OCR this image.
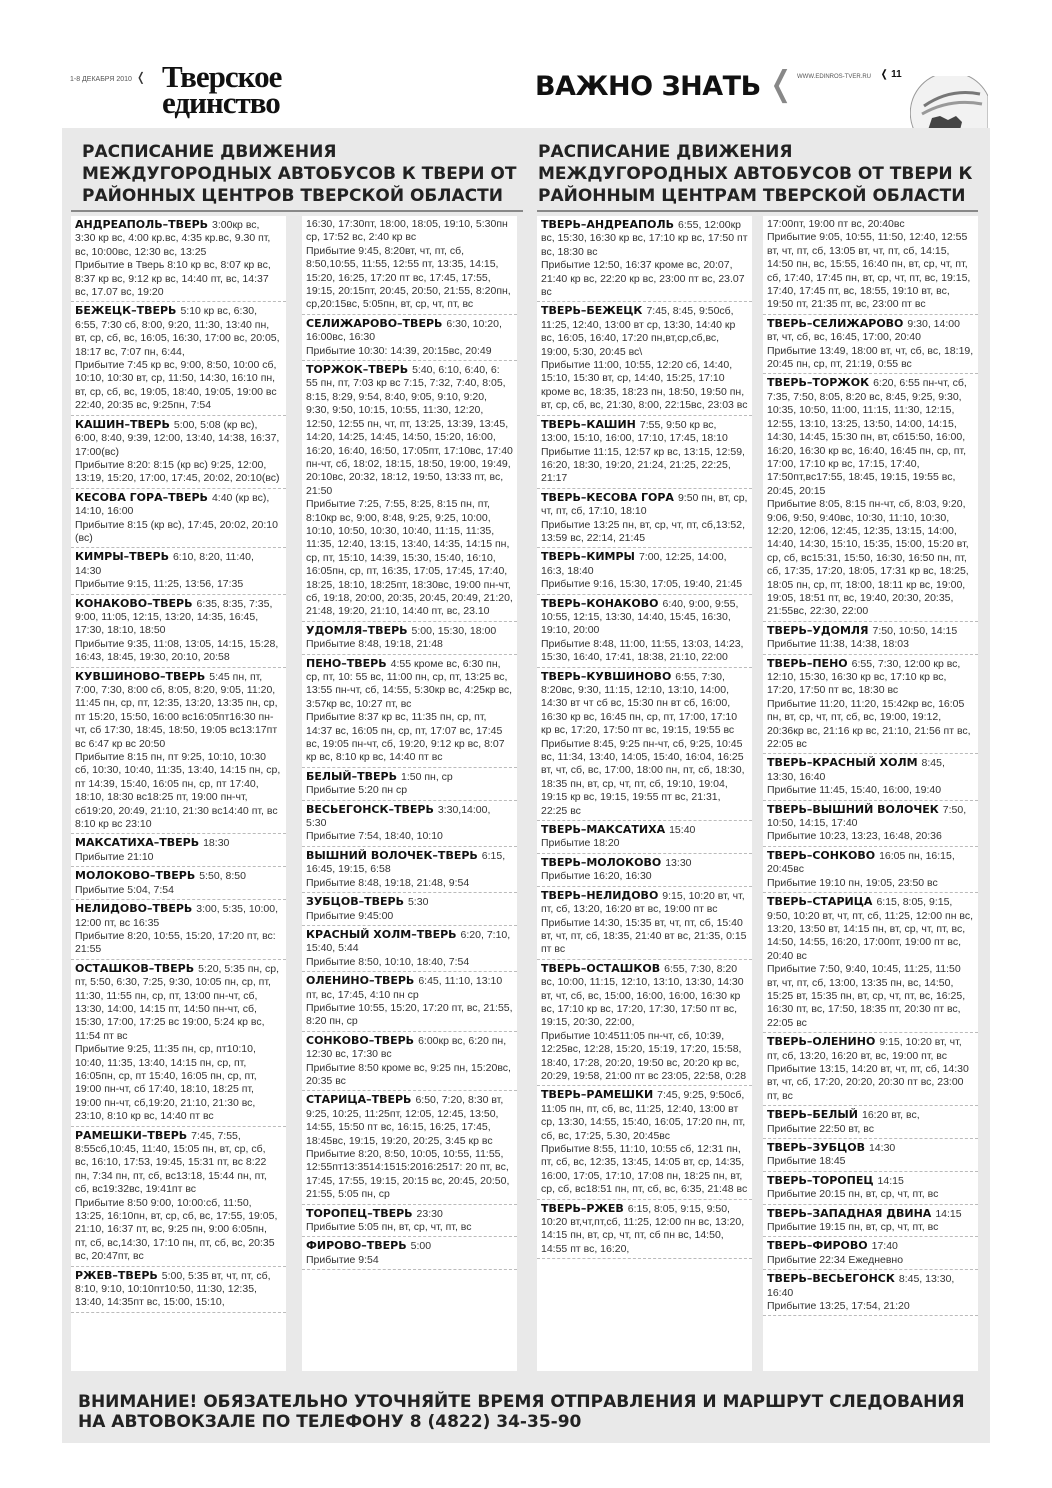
1-8 ДЕКАБРЯ 2010 ❬ Тверское
единство	ВАЖНО ЗНАТЬ ❬ WWW.EDINROS-TVER.RU ❬ 11
РАСПИСАНИЕ ДВИЖЕНИЯ МЕЖДУГОРОДНЫХ АВТОБУСОВ К ТВЕРИ ОТ РАЙОННЫХ ЦЕНТРОВ ТВЕРСКОЙ ОБЛАСТИ
РАСПИСАНИЕ ДВИЖЕНИЯ МЕЖДУГОРОДНЫХ АВТОБУСОВ ОТ ТВЕРИ К РАЙОННЫМ ЦЕНТРАМ ТВЕРСКОЙ ОБЛАСТИ
АНДРЕАПОЛЬ–ТВЕРЬ 3:00кр вс, 3:30 кр вс, 4:00 кр.вс, 4:35 кр.вс, 9.30 пт, вс, 10:00вс, 12:30 вс, 13:25
Прибытие в Тверь 8:10 кр вс, 8:07 кр вс, 8:37 кр вс, 9:12 кр вс, 14:40 пт, вс, 14:37 вс, 17.07 вс, 19:20
БЕЖЕЦК–ТВЕРЬ 5:10 кр вс, 6:30, 6:55, 7:30 сб, 8:00, 9:20, 11:30, 13:40 пн, вт, ср, сб, вс, 16:05, 16:30, 17:00 вс, 20:05, 18:17 вс, 7:07 пн, 6:44,
Прибытие 7:45 кр вс, 9:00, 8:50, 10:00 сб, 10:10, 10:30 вт, ср, 11:50, 14:30, 16:10 пн, вт, ср, сб, вс, 19:05, 18:40, 19:05, 19:00 вс 22:40, 20:35 вс, 9:25пн, 7:54
КАШИН–ТВЕРЬ 5:00, 5:08 (кр вс), 6:00, 8:40, 9:39, 12:00, 13:40, 14:38, 16:37, 17:00(вс)
Прибытие 8:20: 8:15 (кр вс) 9:25, 12:00, 13:19, 15:20, 17:00, 17:45, 20:02, 20:10(вс)
КЕСОВА ГОРА–ТВЕРЬ 4:40 (кр вс), 14:10, 16:00
Прибытие 8:15 (кр вс), 17:45, 20:02, 20:10 (вс)
КИМРЫ–ТВЕРЬ 6:10, 8:20, 11:40, 14:30
Прибытие 9:15, 11:25, 13:56, 17:35
КОНАКОВО–ТВЕРЬ 6:35, 8:35, 7:35, 9:00, 11:05, 12:15, 13:20, 14:35, 16:45, 17:30, 18:10, 18:50
Прибытие 9:35, 11:08, 13:05, 14:15, 15:28, 16:43, 18:45, 19:30, 20:10, 20:58
КУВШИНОВО–ТВЕРЬ 5:45 пн, пт, 7:00, 7:30, 8:00 сб, 8:05, 8:20, 9:05, 11:20, 11:45 пн, ср, пт, 12:35, 13:20, 13:35 пн, ср, пт 15:20, 15:50, 16:00 вс16:05пт16:30 пн-чт, сб 17:30, 18:45, 18:50, 19:05 вс13:17пт вс 6:47 кр вс 20:50
Прибытие 8:15 пн, пт 9:25, 10:10, 10:30 сб, 10:30, 10:40, 11:35, 13:40, 14:15 пн, ср, пт 14:39, 15:40, 16:05 пн, ср, пт 17:40, 18:10, 18:30 вс18:25 пт, 19:00 пн-чт, сб19:20, 20:49, 21:10, 21:30 вс14:40 пт, вс 8:10 кр вс 23:10
МАКСАТИХА–ТВЕРЬ 18:30
Прибытие 21:10
МОЛОКОВО–ТВЕРЬ 5:50, 8:50
Прибытие 5:04, 7:54
НЕЛИДОВО–ТВЕРЬ 3:00, 5:35, 10:00, 12:00 пт, вс 16:35
Прибытие 8:20, 10:55, 15:20, 17:20 пт, вс: 21:55
ОСТАШКОВ–ТВЕРЬ 5:20, 5:35 пн, ср, пт, 5:50, 6:30, 7:25, 9:30, 10:05 пн, ср, пт, 11:30, 11:55 пн, ср, пт, 13:00 пн-чт, сб, 13:30, 14:00, 14:15 пт, 14:50 пн-чт, сб, 15:30, 17:00, 17:25 вс 19:00, 5:24 кр вс, 11:54 пт вс
Прибытие 9:25, 11:35 пн, ср, пт10:10, 10:40, 11:35, 13:40, 14:15 пн, ср, пт, 16:05пн, ср, пт 15:40, 16:05 пн, ср, пт, 19:00 пн-чт, сб 17:40, 18:10, 18:25 пт, 19:00 пн-чт, сб,19:20, 21:10, 21:30 вс, 23:10, 8:10 кр вс, 14:40 пт вс
РАМЕШКИ–ТВЕРЬ 7:45, 7:55, 8:55сб,10:45, 11:40, 15:05 пн, вт, ср, сб, вс, 16:10, 17:53, 19:45, 15:31 пт, вс 8:22 пн, 7:34 пн, пт, сб, вс13:18, 15:44 пн, пт, сб, вс19:32вс, 19:41пт вс
Прибытие 8:50 9:00, 10:00:сб, 11:50, 13:25, 16:10пн, вт, ср, сб, вс, 17:55, 19:05, 21:10, 16:37 пт, вс, 9:25 пн, 9:00 6:05пн, пт, сб, вс,14:30, 17:10 пн, пт, сб, вс, 20:35 вс, 20:47пт, вс
РЖЕВ–ТВЕРЬ 5:00, 5:35 вт, чт, пт, сб, 8:10, 9:10, 10:10пт10:50, 11:30, 12:35, 13:40, 14:35пт вс, 15:00, 15:10,
16:30, 17:30пт, 18:00, 18:05, 19:10, 5:30пн ср, 17:52 вс, 2:40 кр вс
Прибытие 9:45, 8:20вт, чт, пт, сб, 8:50,10:55, 11:55, 12:55 пт, 13:35, 14:15, 15:20, 16:25, 17:20 пт вс, 17:45, 17:55, 19:15, 20:15пт, 20:45, 20:50, 21:55, 8:20пн, ср,20:15вс, 5:05пн, вт, ср, чт, пт, вс
СЕЛИЖАРОВО–ТВЕРЬ 6:30, 10:20, 16:00вс, 16:30
Прибытие 10:30: 14:39, 20:15вс, 20:49
ТОРЖОК–ТВЕРЬ 5:40, 6:10, 6:40, 6: 55 пн, пт, 7:03 кр вс 7:15, 7:32, 7:40, 8:05, 8:15, 8:29, 9:54, 8:40, 9:05, 9:10, 9:20, 9:30, 9:50, 10:15, 10:55, 11:30, 12:20, 12:50, 12:55 пн, чт, пт, 13:25, 13:39, 13:45, 14:20, 14:25, 14:45, 14:50, 15:20, 16:00, 16:20, 16:40, 16:50, 17:05пт, 17:10вс, 17:40 пн-чт, сб, 18:02, 18:15, 18:50, 19:00, 19:49, 20:10вс, 20:32, 18:12, 19:50, 13:33 пт, вс, 21:50
Прибытие 7:25, 7:55, 8:25, 8:15 пн, пт, 8:10кр вс, 9:00, 8:48, 9:25, 9:25, 10:00, 10:10, 10:50, 10:30, 10:40, 11:15, 11:35, 11:35, 12:40, 13:15, 13:40, 14:35, 14:15 пн, ср, пт, 15:10, 14:39, 15:30, 15:40, 16:10, 16:05пн, ср, пт, 16:35, 17:05, 17:45, 17:40, 18:25, 18:10, 18:25пт, 18:30вс, 19:00 пн-чт, сб, 19:18, 20:00, 20:35, 20:45, 20:49, 21:20, 21:48, 19:20, 21:10, 14:40 пт, вс, 23.10
УДОМЛЯ–ТВЕРЬ 5:00, 15:30, 18:00
Прибытие 8:48, 19:18, 21:48
ПЕНО–ТВЕРЬ 4:55 кроме вс, 6:30 пн, ср, пт, 10: 55 вс, 11:00 пн, ср, пт, 13:25 вс, 13:55 пн-чт, сб, 14:55, 5:30кр вс, 4:25кр вс, 3:57кр вс, 10:27 пт, вс
Прибытие 8:37 кр вс, 11:35 пн, ср, пт, 14:37 вс, 16:05 пн, ср, пт, 17:07 вс, 17:45 вс, 19:05 пн-чт, сб, 19:20, 9:12 кр вс, 8:07 кр вс, 8:10 кр вс, 14:40 пт вс
БЕЛЫЙ–ТВЕРЬ 1:50 пн, ср
Прибытие 5:20 пн ср
ВЕСЬЕГОНСК–ТВЕРЬ 3:30,14:00, 5:30
Прибытие 7:54, 18:40, 10:10
ВЫШНИЙ ВОЛОЧЕК–ТВЕРЬ 6:15, 16:45, 19:15, 6:58
Прибытие 8:48, 19:18, 21:48, 9:54
ЗУБЦОВ–ТВЕРЬ 5:30
Прибытие 9:45:00
КРАСНЫЙ ХОЛМ–ТВЕРЬ 6:20, 7:10, 15:40, 5:44
Прибытие 8:50, 10:10, 18:40, 7:54
ОЛЕНИНО–ТВЕРЬ 6:45, 11:10, 13:10 пт, вс, 17:45, 4:10 пн ср
Прибытие 10:55, 15:20, 17:20 пт, вс, 21:55, 8:20 пн, ср
СОНКОВО–ТВЕРЬ 6:00кр вс, 6:20 пн, 12:30 вс, 17:30 вс
Прибытие 8:50 кроме вс, 9:25 пн, 15:20вс, 20:35 вс
СТАРИЦА–ТВЕРЬ 6:50, 7:20, 8:30 вт, 9:25, 10:25, 11:25пт, 12:05, 12:45, 13:50, 14:55, 15:50 пт вс, 16:15, 16:25, 17:45, 18:45вс, 19:15, 19:20, 20:25, 3:45 кр вс
Прибытие 8:20, 8:50, 10:05, 10:55, 11:55, 12:55пт13:3514:1515:2016:2517: 20 пт, вс, 17:45, 17:55, 19:15, 20:15 вс, 20:45, 20:50, 21:55, 5:05 пн, ср
ТОРОПЕЦ–ТВЕРЬ 23:30
Прибытие 5:05 пн, вт, ср, чт, пт, вс
ФИРОВО–ТВЕРЬ 5:00
Прибытие 9:54
ТВЕРЬ–АНДРЕАПОЛЬ 6:55, 12:00кр вс, 15:30, 16:30 кр вс, 17:10 кр вс, 17:50 пт вс, 18:30 вс
Прибытие 12:50, 16:37 кроме вс, 20:07, 21:40 кр вс, 22:20 кр вс, 23:00 пт вс, 23.07 вс
ТВЕРЬ–БЕЖЕЦК 7:45, 8:45, 9:50сб, 11:25, 12:40, 13:00 вт ср, 13:30, 14:40 кр вс, 16:05, 16:40, 17:20 пн,вт,ср,сб,вс, 19:00, 5:30, 20:45 вс\
Прибытие 11:00, 10:55, 12:20 сб, 14:40, 15:10, 15:30 вт, ср, 14:40, 15:25, 17:10 кроме вс, 18:35, 18:23 пн, 18:50, 19:50 пн, вт, ср, сб, вс, 21:30, 8:00, 22:15вс, 23:03 вс
ТВЕРЬ–КАШИН 7:55, 9:50 кр вс, 13:00, 15:10, 16:00, 17:10, 17:45, 18:10
Прибытие 11:15, 12:57 кр вс, 13:15, 12:59, 16:20, 18:30, 19:20, 21:24, 21:25, 22:25, 21:17
ТВЕРЬ–КЕСОВА ГОРА 9:50 пн, вт, ср, чт, пт, сб, 17:10, 18:10
Прибытие 13:25 пн, вт, ср, чт, пт, сб,13:52, 13:59 вс, 22:14, 21:45
ТВЕРЬ–КИМРЫ 7:00, 12:25, 14:00, 16:3, 18:40
Прибытие 9:16, 15:30, 17:05, 19:40, 21:45
ТВЕРЬ–КОНАКОВО 6:40, 9:00, 9:55, 10:55, 12:15, 13:30, 14:40, 15:45, 16:30, 19:10, 20:00
Прибытие 8:48, 11:00, 11:55, 13:03, 14:23, 15:30, 16:40, 17:41, 18:38, 21:10, 22:00
ТВЕРЬ–КУВШИНОВО 6:55, 7:30, 8:20вс, 9:30, 11:15, 12:10, 13:10, 14:00, 14:30 вт чт сб вс, 15:30 пн вт сб, 16:00, 16:30 кр вс, 16:45 пн, ср, пт, 17:00, 17:10 кр вс, 17:20, 17:50 пт вс, 19:15, 19:55 вс
Прибытие 8:45, 9:25 пн-чт, сб, 9:25, 10:45 вс, 11:34, 13:40, 14:05, 15:40, 16:04, 16:25 вт, чт, сб, вс, 17:00, 18:00 пн, пт, сб, 18:30, 18:35 пн, вт, ср, чт, пт, сб, 19:10, 19:04, 19:15 кр вс, 19:15, 19:55 пт вс, 21:31, 22:25 вс
ТВЕРЬ–МАКСАТИХА 15:40
Прибытие 18:20
ТВЕРЬ–МОЛОКОВО 13:30
Прибытие 16:20, 16:30
ТВЕРЬ–НЕЛИДОВО 9:15, 10:20 вт, чт, пт, сб, 13:20, 16:20 вт вс, 19:00 пт вс
Прибытие 14:30, 15:35 вт, чт, пт, сб, 15:40 вт, чт, пт, сб, 18:35, 21:40 вт вс, 21:35, 0:15 пт вс
ТВЕРЬ–ОСТАШКОВ 6:55, 7:30, 8:20 вс, 10:00, 11:15, 12:10, 13:10, 13:30, 14:30 вт, чт, сб, вс, 15:00, 16:00, 16:00, 16:30 кр вс, 17:10 кр вс, 17:20, 17:30, 17:50 пт вс, 19:15, 20:30, 22:00,
Прибытие 10:4511:05 пн-чт, сб, 10:39, 12:25вс, 12:28, 15:20, 15:19, 17:20, 15:58, 18:40, 17:28, 20:20, 19:50 вс, 20:20 кр вс, 20:29, 19:58, 21:00 пт вс 23:05, 22:58, 0:28
ТВЕРЬ–РАМЕШКИ 7:45, 9:25, 9:50сб, 11:05 пн, пт, сб, вс, 11:25, 12:40, 13:00 вт ср, 13:30, 14:55, 15:40, 16:05, 17:20 пн, пт, сб, вс, 17:25, 5.30, 20:45вс
Прибытие 8:55, 11:10, 10:55 сб, 12:31 пн, пт, сб, вс, 12:35, 13:45, 14:05 вт, ср, 14:35, 16:00, 17:05, 17:10, 17:08 пн, 18:25 пн, вт, ср, сб, вс18:51 пн, пт, сб, вс, 6:35, 21:48 вс
ТВЕРЬ–РЖЕВ 6:15, 8:05, 9:15, 9:50, 10:20 вт,чт,пт,сб, 11:25, 12:00 пн вс, 13:20, 14:15 пн, вт, ср, чт, пт, сб пн вс, 14:50, 14:55 пт вс, 16:20,
17:00пт, 19:00 пт вс, 20:40вс
Прибытие 9:05, 10:55, 11:50, 12:40, 12:55 вт, чт, пт, сб, 13:05 вт, чт, пт, сб, 14:15, 14:50 пн, вс, 15:55, 16:40 пн, вт, ср, чт, пт, сб, 17:40, 17:45 пн, вт, ср, чт, пт, вс, 19:15, 17:40, 17:45 пт, вс, 18:55, 19:10 вт, вс, 19:50 пт, 21:35 пт, вс, 23:00 пт вс
ТВЕРЬ–СЕЛИЖАРОВО 9:30, 14:00 вт, чт, сб, вс, 16:45, 17:00, 20:40
Прибытие 13:49, 18:00 вт, чт, сб, вс, 18:19, 20:45 пн, ср, пт, 21:19, 0:55 вс
ТВЕРЬ–ТОРЖОК 6:20, 6:55 пн-чт, сб, 7:35, 7:50, 8:05, 8:20 вс, 8:45, 9:25, 9:30, 10:35, 10:50, 11:00, 11:15, 11:30, 12:15, 12:55, 13:10, 13:25, 13:50, 14:00, 14:15, 14:30, 14:45, 15:30 пн, вт, сб15:50, 16:00, 16:20, 16:30 кр вс, 16:40, 16:45 пн, ср, пт, 17:00, 17:10 кр вс, 17:15, 17:40, 17:50пт,вс17:55, 18:45, 19:15, 19:55 вс, 20:45, 20:15
Прибытие 8:05, 8:15 пн-чт, сб, 8:03, 9:20, 9:06, 9:50, 9:40вс, 10:30, 11:10, 10:30, 12:20, 12:06, 12:45, 12:35, 13:15, 14:00, 14:40, 14:30, 15:10, 15:35, 15:00, 15:20 вт, ср, сб, вс15:31, 15:50, 16:30, 16:50 пн, пт, сб, 17:35, 17:20, 18:05, 17:31 кр вс, 18:25, 18:05 пн, ср, пт, 18:00, 18:11 кр вс, 19:00, 19:05, 18:51 пт, вс, 19:40, 20:30, 20:35, 21:55вс, 22:30, 22:00
ТВЕРЬ–УДОМЛЯ 7:50, 10:50, 14:15
Прибытие 11:38, 14:38, 18:03
ТВЕРЬ–ПЕНО 6:55, 7:30, 12:00 кр вс, 12:10, 15:30, 16:30 кр вс, 17:10 кр вс, 17:20, 17:50 пт вс, 18:30 вс
Прибытие 11:20, 11:20, 15:42кр вс, 16:05 пн, вт, ср, чт, пт, сб, вс, 19:00, 19:12, 20:36кр вс, 21:16 кр вс, 21:10, 21:56 пт вс, 22:05 вс
ТВЕРЬ–КРАСНЫЙ ХОЛМ 8:45, 13:30, 16:40
Прибытие 11:45, 15:40, 16:00, 19:40
ТВЕРЬ–ВЫШНИЙ ВОЛОЧЕК 7:50, 10:50, 14:15, 17:40
Прибытие 10:23, 13:23, 16:48, 20:36
ТВЕРЬ–СОНКОВО 16:05 пн, 16:15, 20:45вс
Прибытие 19:10 пн, 19:05, 23:50 вс
ТВЕРЬ–СТАРИЦА 6:15, 8:05, 9:15, 9:50, 10:20 вт, чт, пт, сб, 11:25, 12:00 пн вс, 13:20, 13:50 вт, 14:15 пн, вт, ср, чт, пт, вс, 14:50, 14:55, 16:20, 17:00пт, 19:00 пт вс, 20:40 вс
Прибытие 7:50, 9:40, 10:45, 11:25, 11:50 вт, чт, пт, сб, 13:00, 13:35 пн, вс, 14:50, 15:25 вт, 15:35 пн, вт, ср, чт, пт, вс, 16:25, 16:30 пт, вс, 17:50, 18:35 пт, 20:30 пт вс, 22:05 вс
ТВЕРЬ–ОЛЕНИНО 9:15, 10:20 вт, чт, пт, сб, 13:20, 16:20 вт, вс, 19:00 пт, вс
Прибытие 13:15, 14:20 вт, чт, пт, сб, 14:30 вт, чт, сб, 17:20, 20:20, 20:30 пт вс, 23:00 пт, вс
ТВЕРЬ–БЕЛЫЙ 16:20 вт, вс,
Прибытие 22:50 вт, вс
ТВЕРЬ–ЗУБЦОВ 14:30
Прибытие 18:45
ТВЕРЬ–ТОРОПЕЦ 14:15
Прибытие 20:15 пн, вт, ср, чт, пт, вс
ТВЕРЬ–ЗАПАДНАЯ ДВИНА 14:15
Прибытие 19:15 пн, вт, ср, чт, пт, вс
ТВЕРЬ–ФИРОВО 17:40
Прибытие 22:34 Ежедневно
ТВЕРЬ–ВЕСЬЕГОНСК 8:45, 13:30, 16:40
Прибытие 13:25, 17:54, 21:20
ВНИМАНИЕ! ОБЯЗАТЕЛЬНО УТОЧНЯЙТЕ ВРЕМЯ ОТПРАВЛЕНИЯ И МАРШРУТ СЛЕДОВАНИЯ
НА АВТОВОКЗАЛЕ ПО ТЕЛЕФОНУ 8 (4822) 34-35-90
